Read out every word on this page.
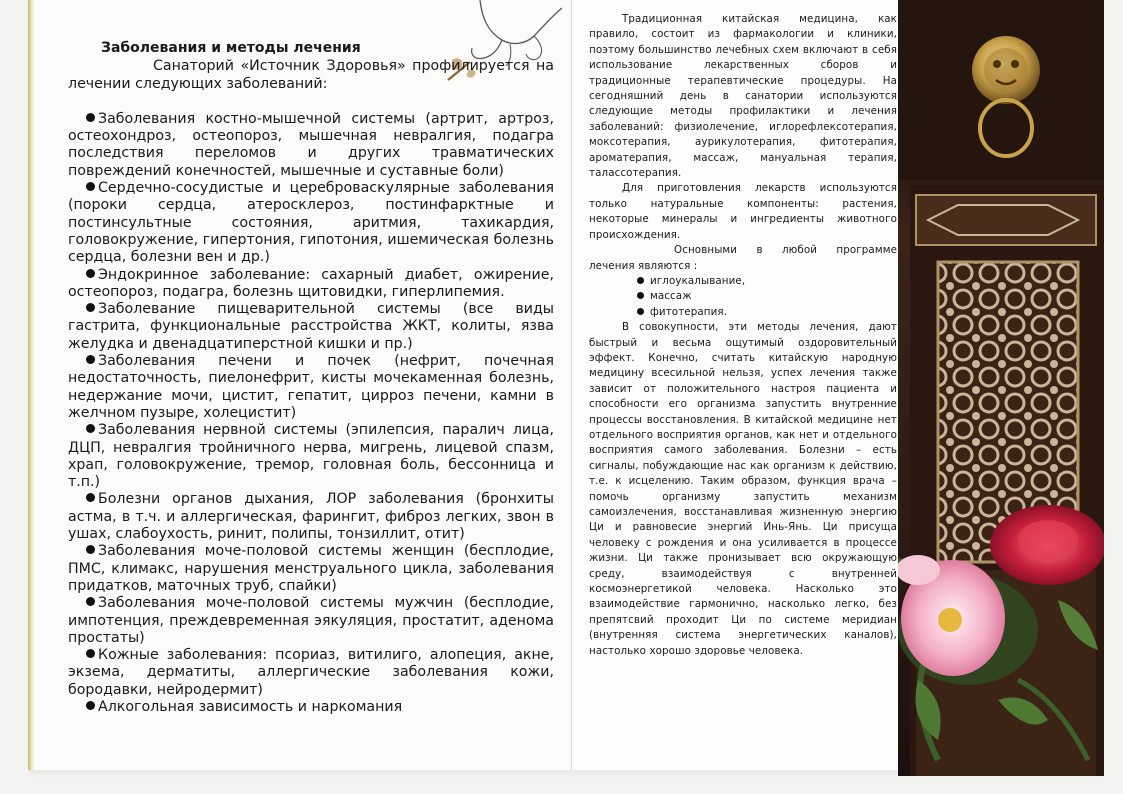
Заболевания и методы лечения
Санаторий «Источник Здоровья» профилируется на лечении следующих заболеваний:
Заболевания костно-мышечной системы (артрит, артроз, остеохондроз, остеопороз, мышечная невралгия, подагра последствия переломов и других травматических повреждений конечностей, мышечные и суставные боли)
Сердечно-сосудистые и цереброваскулярные заболевания (пороки сердца, атеросклероз, постинфарктные и постинсультные состояния, аритмия, тахикардия, головокружение, гипертония, гипотония, ишемическая болезнь сердца, болезни вен и др.)
Эндокринное заболевание: сахарный диабет, ожирение, остеопороз, подагра, болезнь щитовидки, гиперлипемия.
Заболевание пищеварительной системы (все виды гастрита, функциональные расстройства ЖКТ, колиты, язва желудка и двенадцатиперстной кишки и пр.)
Заболевания печени и почек (нефрит, почечная недостаточность, пиелонефрит, кисты мочекаменная болезнь, недержание мочи, цистит, гепатит, цирроз печени, камни в желчном пузыре, холецистит)
Заболевания нервной системы (эпилепсия, паралич лица, ДЦП, невралгия тройничного нерва, мигрень, лицевой спазм, храп, головокружение, тремор, головная боль, бессонница и т.п.)
Болезни органов дыхания, ЛОР заболевания (бронхиты астма, в т.ч. и аллергическая, фарингит, фиброз легких, звон в ушах, слабоухость, ринит, полипы, тонзиллит, отит)
Заболевания моче-половой системы женщин (бесплодие, ПМС, климакс, нарушения менструального цикла, заболевания придатков, маточных труб, спайки)
Заболевания моче-половой системы мужчин (бесплодие, импотенция, преждевременная эякуляция, простатит, аденома простаты)
Кожные заболевания: псориаз, витилиго, алопеция, акне, экзема, дерматиты, аллергические заболевания кожи, бородавки, нейродермит)
Алкогольная зависимость и наркомания

Традиционная китайская медицина, как правило, состоит из фармакологии и клиники, поэтому большинство лечебных схем включают в себя использование лекарственных сборов и традиционные терапевтические процедуры. На сегодняшний день в санатории используются следующие методы профилактики и лечения заболеваний: физиолечение, иглорефлексотерапия, моксотерапия, аурикулотерапия, фитотерапия, ароматерапия, массаж, мануальная терапия, талассотерапия.

Для приготовления лекарств используются только натуральные компоненты: растения, некоторые минералы и ингредиенты животного происхождения.

Основными в любой программе лечения являются :

иглоукалывание,
массаж
фитотерапия.

В совокупности, эти методы лечения, дают быстрый и весьма ощутимый оздоровительный эффект. Конечно, считать китайскую народную медицину всесильной нельзя, успех лечения также зависит от положительного настроя пациента и способности его организма запустить внутренние процессы восстановления. В китайской медицине нет отдельного восприятия органов, как нет и отдельного восприятия самого заболевания. Болезни – есть сигналы, побуждающие нас как организм к действию, т.е. к исцелению. Таким образом, функция врача – помочь организму запустить механизм самоизлечения, восстанавливая жизненную энергию Ци и равновесие энергий Инь-Янь. Ци присуща человеку с рождения и она усиливается в процессе жизни. Ци также пронизывает всю окружающую среду, взаимодействуя с внутренней космоэнергетикой человека. Насколько это взаимодействие гармонично, насколько легко, без препятсвий проходит Ци по системе меридиан (внутренняя система энергетических каналов), настолько хорошо здоровье человека.
